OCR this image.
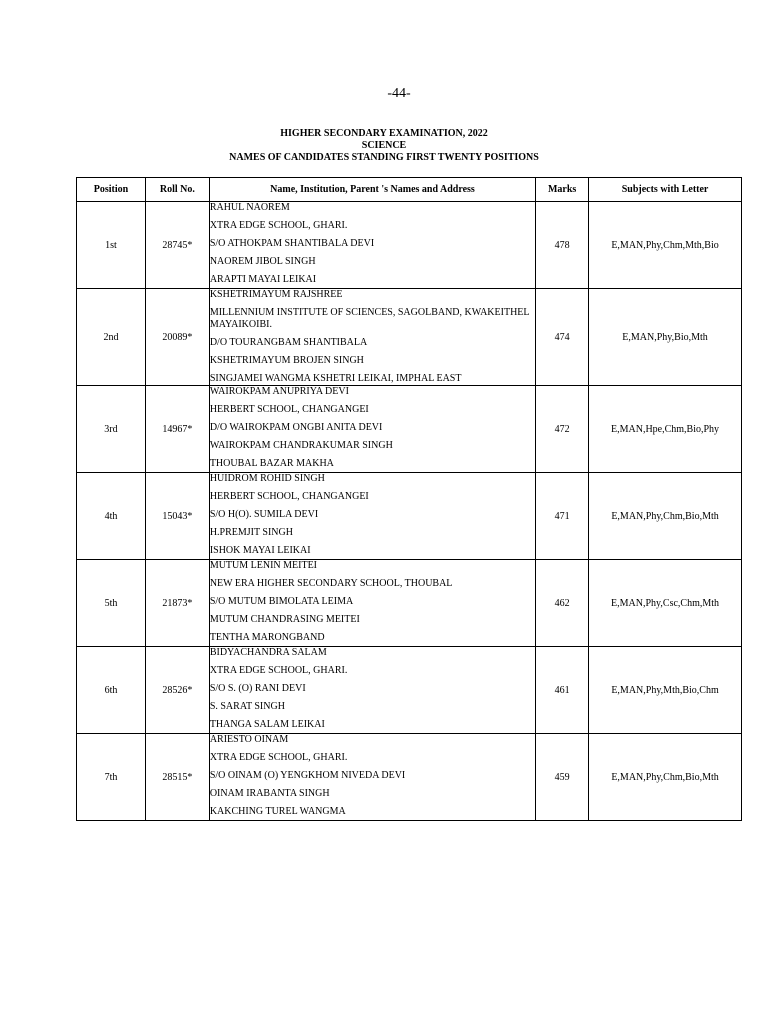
-44-
HIGHER SECONDARY EXAMINATION, 2022
SCIENCE
NAMES OF CANDIDATES STANDING FIRST TWENTY POSITIONS
Position	Roll No.	Name, Institution, Parent 's Names and Address	Marks	Subjects with Letter
1st	28745*	RAHUL NAOREM
XTRA EDGE SCHOOL, GHARI.
S/O ATHOKPAM SHANTIBALA DEVI
NAOREM JIBOL SINGH
ARAPTI MAYAI LEIKAI	478	E,MAN,Phy,Chm,Mth,Bio
2nd	20089*	KSHETRIMAYUM RAJSHREE
MILLENNIUM INSTITUTE OF SCIENCES, SAGOLBAND, KWAKEITHEL MAYAIKOIBI.
D/O TOURANGBAM SHANTIBALA
KSHETRIMAYUM BROJEN SINGH
SINGJAMEI WANGMA KSHETRI LEIKAI, IMPHAL EAST	474	E,MAN,Phy,Bio,Mth
3rd	14967*	WAIROKPAM ANUPRIYA DEVI
HERBERT SCHOOL, CHANGANGEI
D/O WAIROKPAM ONGBI ANITA DEVI
WAIROKPAM CHANDRAKUMAR SINGH
THOUBAL BAZAR MAKHA	472	E,MAN,Hpe,Chm,Bio,Phy
4th	15043*	HUIDROM ROHID SINGH
HERBERT SCHOOL, CHANGANGEI
S/O H(O). SUMILA DEVI
H.PREMJIT SINGH
ISHOK MAYAI LEIKAI	471	E,MAN,Phy,Chm,Bio,Mth
5th	21873*	MUTUM LENIN MEITEI
NEW ERA HIGHER SECONDARY SCHOOL, THOUBAL
S/O MUTUM BIMOLATA LEIMA
MUTUM CHANDRASING MEITEI
TENTHA MARONGBAND	462	E,MAN,Phy,Csc,Chm,Mth
6th	28526*	BIDYACHANDRA SALAM
XTRA EDGE SCHOOL, GHARI.
S/O S. (O) RANI DEVI
S. SARAT SINGH
THANGA SALAM LEIKAI	461	E,MAN,Phy,Mth,Bio,Chm
7th	28515*	ARIESTO OINAM
XTRA EDGE SCHOOL, GHARI.
S/O OINAM (O) YENGKHOM NIVEDA DEVI
OINAM IRABANTA SINGH
KAKCHING TUREL WANGMA	459	E,MAN,Phy,Chm,Bio,Mth
